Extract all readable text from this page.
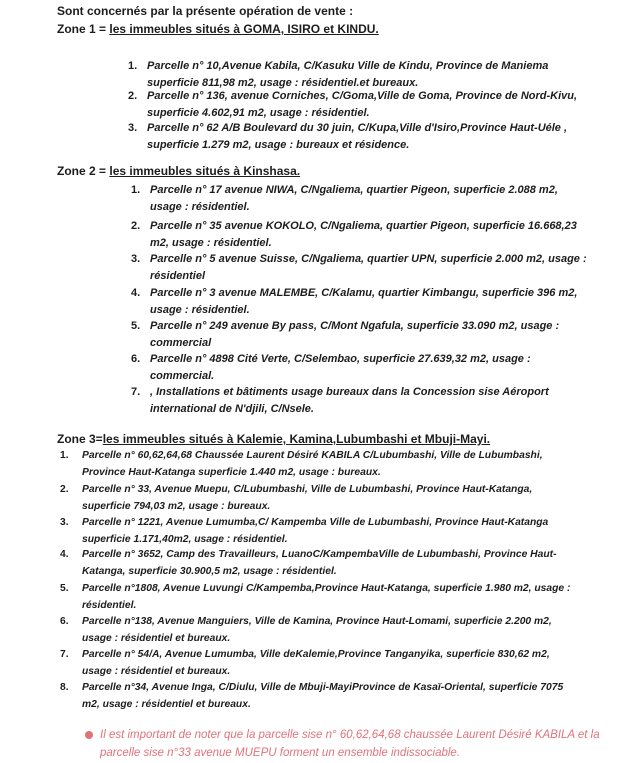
Sont concernés par la présente opération de vente :
Zone 1 = les immeubles situés à GOMA, ISIRO et KINDU.
1. Parcelle n° 10,Avenue Kabila, C/Kasuku Ville de Kindu, Province de Maniema
superficie 811,98 m2, usage : résidentiel.et bureaux.
2. Parcelle n° 136, avenue Corniches, C/Goma,Ville de Goma, Province de Nord-Kivu,
superficie 4.602,91 m2, usage : résidentiel.
3. Parcelle n° 62 A/B Boulevard du 30 juin, C/Kupa,Ville d'Isiro,Province Haut-Uéle ,
superficie 1.279 m2, usage : bureaux et résidence.
Zone 2 = les immeubles situés à Kinshasa.
1. Parcelle n° 17 avenue NIWA, C/Ngaliema, quartier Pigeon, superficie 2.088 m2,
usage : résidentiel.
2. Parcelle n° 35 avenue KOKOLO, C/Ngaliema, quartier Pigeon, superficie 16.668,23
m2, usage : résidentiel.
3. Parcelle n° 5 avenue Suisse, C/Ngaliema, quartier UPN, superficie 2.000 m2, usage :
résidentiel
4. Parcelle n° 3 avenue MALEMBE, C/Kalamu, quartier Kimbangu, superficie 396 m2,
usage : résidentiel.
5. Parcelle n° 249 avenue By pass, C/Mont Ngafula, superficie 33.090 m2, usage :
commercial
6. Parcelle n° 4898 Cité Verte, C/Selembao, superficie 27.639,32 m2, usage :
commercial.
7. , Installations et bâtiments usage bureaux dans la Concession sise Aéroport
international de N'djili, C/Nsele.
Zone 3=les immeubles situés à Kalemie, Kamina,Lubumbashi et Mbuji-Mayi.
1. Parcelle n° 60,62,64,68 Chaussée Laurent Désiré KABILA C/Lubumbashi, Ville de Lubumbashi,
Province Haut-Katanga superficie 1.440 m2, usage : bureaux.
2. Parcelle n° 33, Avenue Muepu, C/Lubumbashi, Ville de Lubumbashi, Province Haut-Katanga,
superficie 794,03 m2, usage : bureaux.
3. Parcelle n° 1221, Avenue Lumumba,C/ Kampemba Ville de Lubumbashi, Province Haut-Katanga
superficie 1.171,40m2, usage : résidentiel.
4. Parcelle n° 3652, Camp des Travailleurs, LuanoC/KampembaVille de Lubumbashi, Province Haut-
Katanga, superficie 30.900,5 m2, usage : résidentiel.
5. Parcelle n°1808, Avenue Luvungi C/Kampemba,Province Haut-Katanga, superficie 1.980 m2, usage :
résidentiel.
6. Parcelle n°138, Avenue Manguiers, Ville de Kamina, Province Haut-Lomami, superficie 2.200 m2,
usage : résidentiel et bureaux.
7. Parcelle n° 54/A, Avenue Lumumba, Ville deKalemie,Province Tanganyika, superficie 830,62 m2,
usage : résidentiel et bureaux.
8. Parcelle n°34, Avenue Inga, C/Diulu, Ville de Mbuji-MayiProvince de Kasaï-Oriental, superficie 7075
m2, usage : résidentiel et bureaux.
Il est important de noter que la parcelle sise n° 60,62,64,68 chaussée Laurent Désiré KABILA et la
parcelle sise n°33 avenue MUEPU forment un ensemble indissociable.
